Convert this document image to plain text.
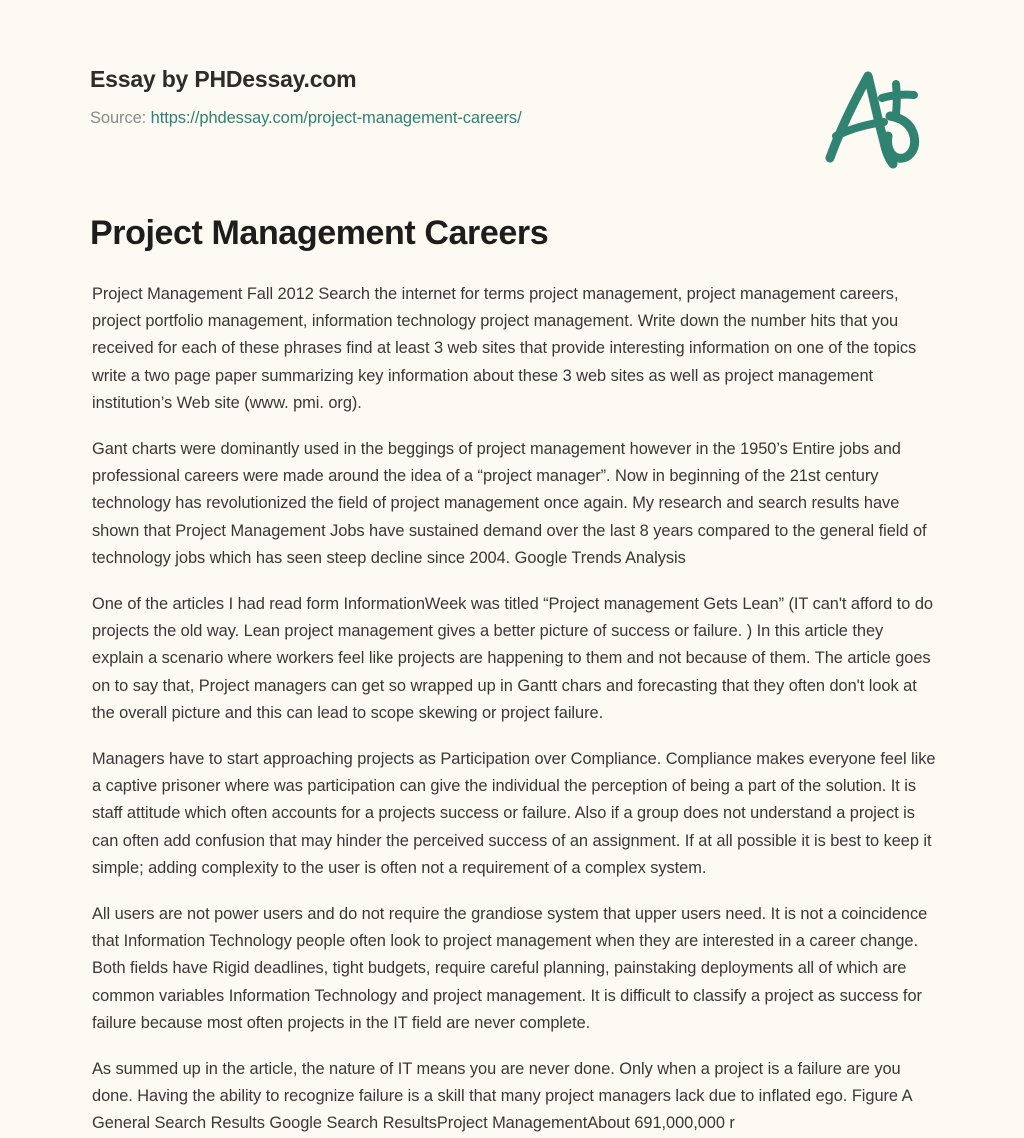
Essay by PHDessay.com
Source: https://phdessay.com/project-management-careers/
Project Management Careers

Project Management Fall 2012 Search the internet for terms project management, project management careers, project portfolio management, information technology project management. Write down the number hits that you received for each of these phrases find at least 3 web sites that provide interesting information on one of the topics write a two page paper summarizing key information about these 3 web sites as well as project management institution’s Web site (www. pmi. org).

Gant charts were dominantly used in the beggings of project management however in the 1950’s Entire jobs and professional careers were made around the idea of a “project manager”. Now in beginning of the 21st century technology has revolutionized the field of project management once again. My research and search results have shown that Project Management Jobs have sustained demand over the last 8 years compared to the general field of technology jobs which has seen steep decline since 2004. Google Trends Analysis

One of the articles I had read form InformationWeek was titled “Project management Gets Lean” (IT can't afford to do projects the old way. Lean project management gives a better picture of success or failure. ) In this article they explain a scenario where workers feel like projects are happening to them and not because of them. The article goes on to say that, Project managers can get so wrapped up in Gantt chars and forecasting that they often don't look at the overall picture and this can lead to scope skewing or project failure.

Managers have to start approaching projects as Participation over Compliance. Compliance makes everyone feel like a captive prisoner where was participation can give the individual the perception of being a part of the solution. It is staff attitude which often accounts for a projects success or failure. Also if a group does not understand a project is can often add confusion that may hinder the perceived success of an assignment. If at all possible it is best to keep it simple; adding complexity to the user is often not a requirement of a complex system.

All users are not power users and do not require the grandiose system that upper users need. It is not a coincidence that Information Technology people often look to project management when they are interested in a career change. Both fields have Rigid deadlines, tight budgets, require careful planning, painstaking deployments all of which are common variables Information Technology and project management. It is difficult to classify a project as success for failure because most often projects in the IT field are never complete.

As summed up in the article, the nature of IT means you are never done. Only when a project is a failure are you done. Having the ability to recognize failure is a skill that many project managers lack due to inflated ego. Figure A General Search Results Google Search ResultsProject ManagementAbout 691,000,000 r
